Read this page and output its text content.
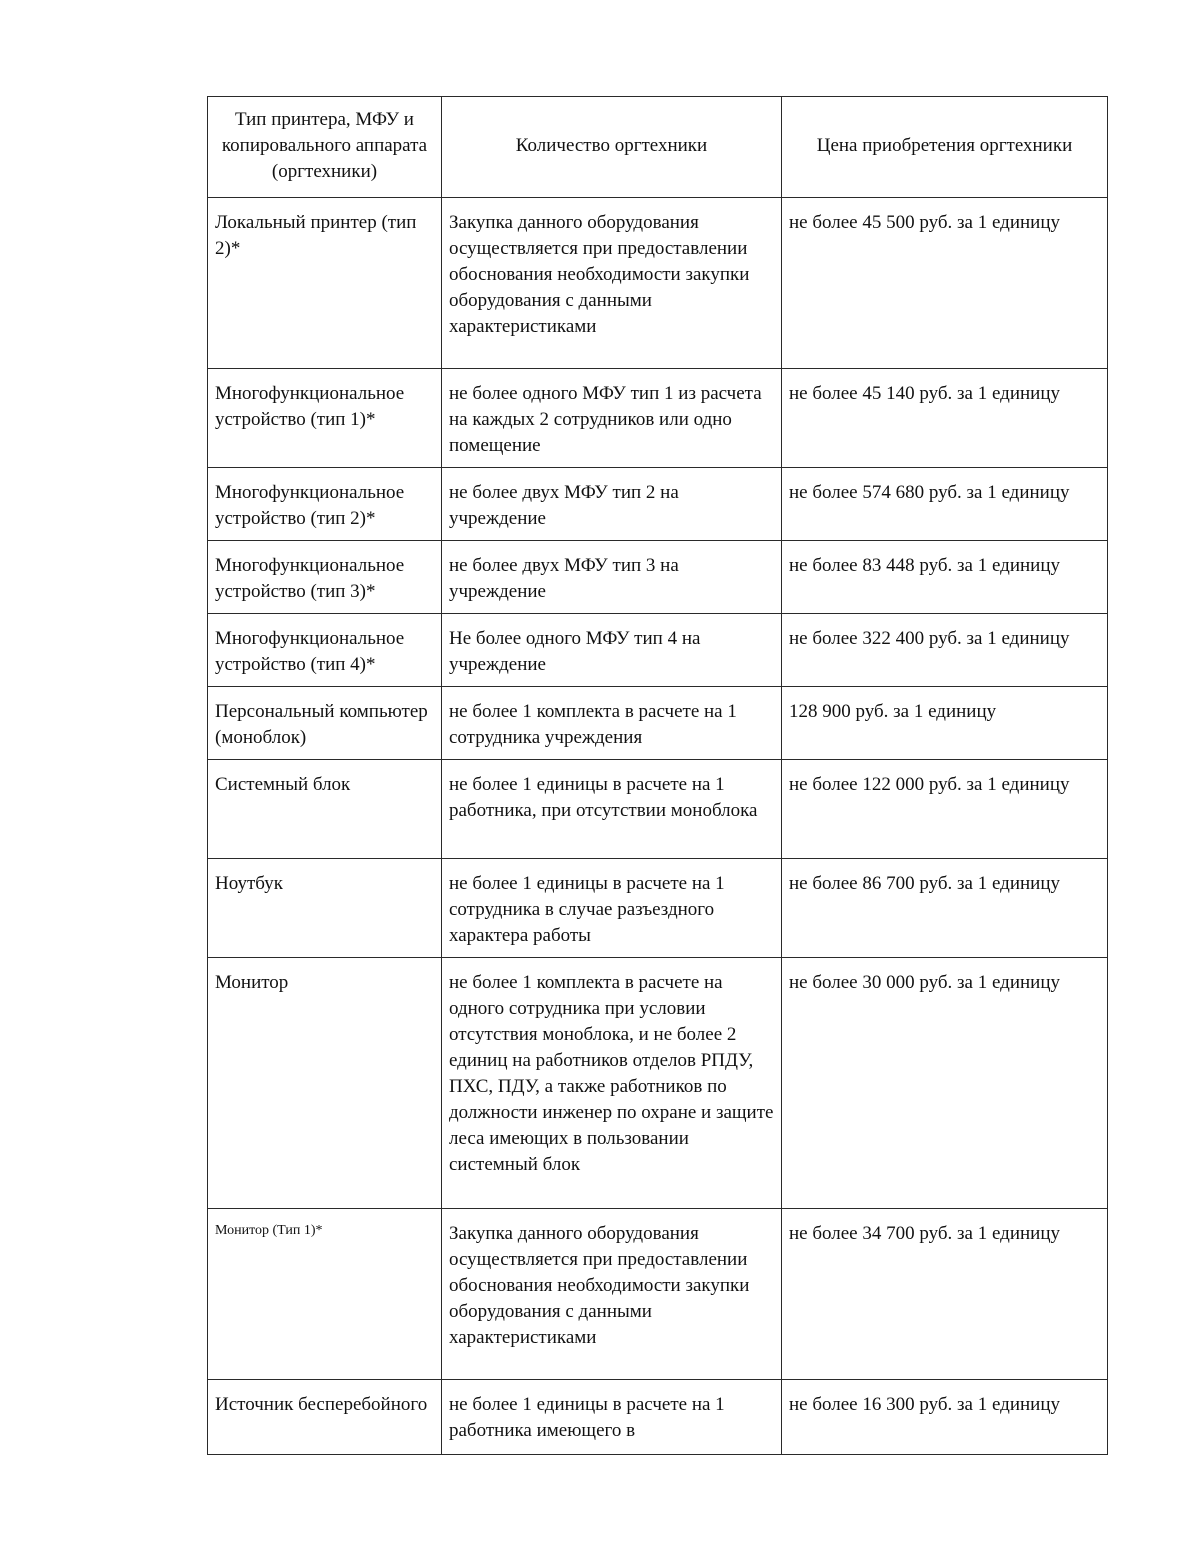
Тип принтера, МФУ и копировального аппарата (оргтехники)	Количество оргтехники	Цена приобретения оргтехники
Локальный принтер (тип 2)*	Закупка данного оборудования осуществляется при предоставлении обоснования необходимости закупки оборудования с данными характеристиками	не более 45 500 руб. за 1 единицу
Многофункциональное устройство (тип 1)*	не более одного МФУ тип 1 из расчета на каждых 2 сотрудников или одно помещение	не более 45 140 руб. за 1 единицу
Многофункциональное устройство (тип 2)*	не более двух МФУ тип 2 на учреждение	не более 574 680 руб. за 1 единицу
Многофункциональное устройство (тип 3)*	не более двух МФУ тип 3 на учреждение	не более 83 448 руб. за 1 единицу
Многофункциональное устройство (тип 4)*	Не более одного МФУ тип 4 на учреждение	не более 322 400 руб. за 1 единицу
Персональный компьютер (моноблок)	не более 1 комплекта в расчете на 1 сотрудника учреждения	128 900 руб. за 1 единицу
Системный блок	не более 1 единицы в расчете на 1 работника, при отсутствии моноблока	не более 122 000 руб. за 1 единицу
Ноутбук	не более 1 единицы в расчете на 1 сотрудника в случае разъездного характера работы	не более 86 700 руб. за 1 единицу
Монитор	не более 1 комплекта в расчете на одного сотрудника при условии отсутствия моноблока, и не более 2 единиц на работников отделов РПДУ, ПХС, ПДУ, а также работников по должности инженер по охране и защите леса имеющих в пользовании системный блок	не более 30 000 руб. за 1 единицу
Монитор (Тип 1)*	Закупка данного оборудования осуществляется при предоставлении обоснования необходимости закупки оборудования с данными характеристиками	не более 34 700 руб. за 1 единицу
Источник бесперебойного	не более 1 единицы в расчете на 1 работника имеющего в	не более 16 300 руб. за 1 единицу
